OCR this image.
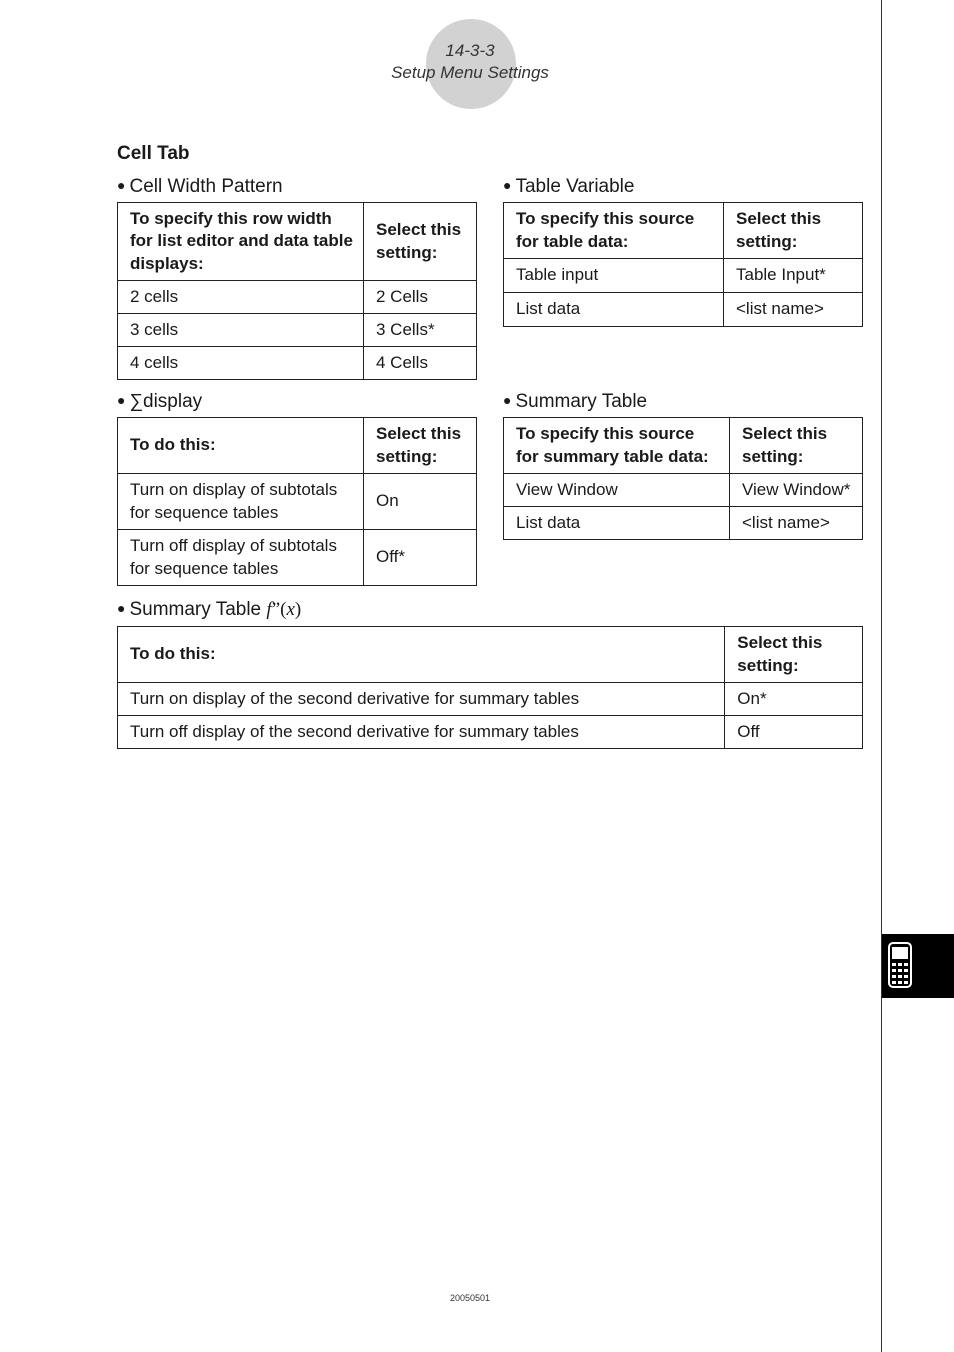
14-3-3
Setup Menu Settings
Cell Tab
● Cell Width Pattern
To specify this row width for list editor and data table displays:	Select this setting:
2 cells	2 Cells
3 cells	3 Cells*
4 cells	4 Cells
● Table Variable
To specify this source for table data:	Select this setting:
Table input	Table Input*
List data	<list name>
● ∑display
To do this:	Select this setting:
Turn on display of subtotals for sequence tables	On
Turn off display of subtotals for sequence tables	Off*
● Summary Table
To specify this source for summary table data:	Select this setting:
View Window	View Window*
List data	<list name>
● Summary Table f”(x)
To do this:	Select this setting:
Turn on display of the second derivative for summary tables	On*
Turn off display of the second derivative for summary tables	Off
20050501
